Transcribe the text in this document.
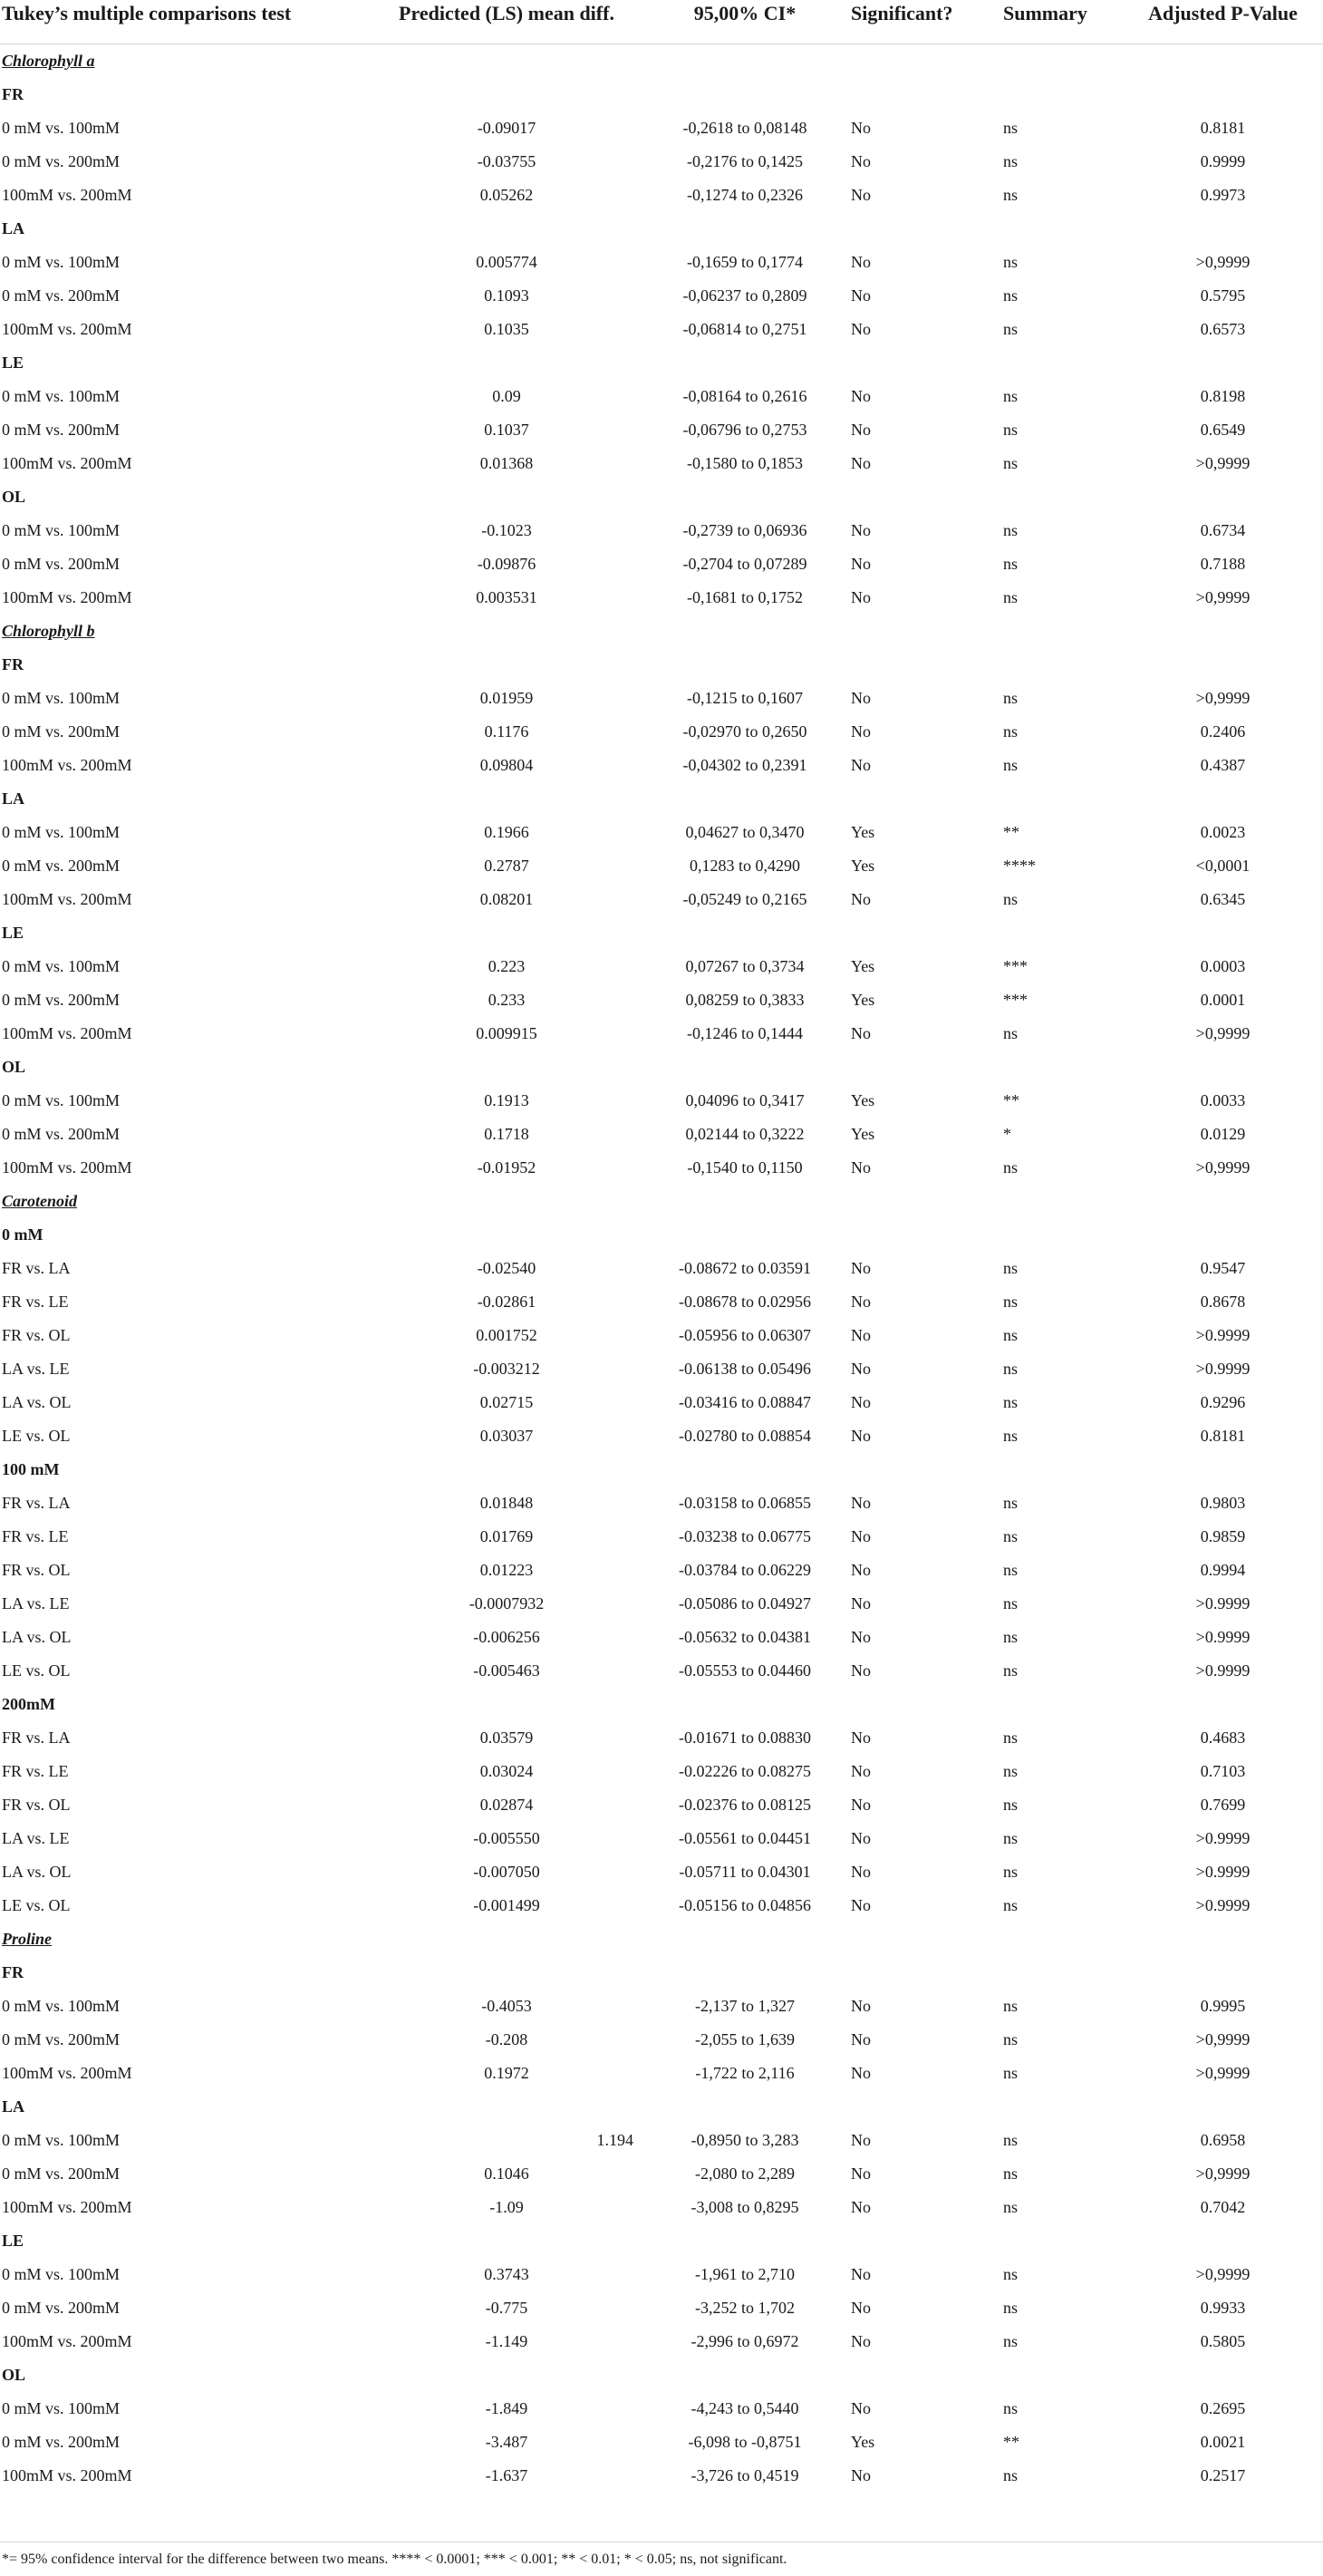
Tukey’s multiple comparisons test	Predicted (LS) mean diff.	95,00% CI*	Significant?	Summary	Adjusted P-Value
Chlorophyll a					
FR					
0 mM vs. 100mM	-0.09017	-0,2618 to 0,08148	No	ns	0.8181
0 mM vs. 200mM	-0.03755	-0,2176 to 0,1425	No	ns	0.9999
100mM vs. 200mM	0.05262	-0,1274 to 0,2326	No	ns	0.9973
LA					
0 mM vs. 100mM	0.005774	-0,1659 to 0,1774	No	ns	>0,9999
0 mM vs. 200mM	0.1093	-0,06237 to 0,2809	No	ns	0.5795
100mM vs. 200mM	0.1035	-0,06814 to 0,2751	No	ns	0.6573
LE					
0 mM vs. 100mM	0.09	-0,08164 to 0,2616	No	ns	0.8198
0 mM vs. 200mM	0.1037	-0,06796 to 0,2753	No	ns	0.6549
100mM vs. 200mM	0.01368	-0,1580 to 0,1853	No	ns	>0,9999
OL					
0 mM vs. 100mM	-0.1023	-0,2739 to 0,06936	No	ns	0.6734
0 mM vs. 200mM	-0.09876	-0,2704 to 0,07289	No	ns	0.7188
100mM vs. 200mM	0.003531	-0,1681 to 0,1752	No	ns	>0,9999
Chlorophyll b					
FR					
0 mM vs. 100mM	0.01959	-0,1215 to 0,1607	No	ns	>0,9999
0 mM vs. 200mM	0.1176	-0,02970 to 0,2650	No	ns	0.2406
100mM vs. 200mM	0.09804	-0,04302 to 0,2391	No	ns	0.4387
LA					
0 mM vs. 100mM	0.1966	0,04627 to 0,3470	Yes	**	0.0023
0 mM vs. 200mM	0.2787	0,1283 to 0,4290	Yes	****	<0,0001
100mM vs. 200mM	0.08201	-0,05249 to 0,2165	No	ns	0.6345
LE					
0 mM vs. 100mM	0.223	0,07267 to 0,3734	Yes	***	0.0003
0 mM vs. 200mM	0.233	0,08259 to 0,3833	Yes	***	0.0001
100mM vs. 200mM	0.009915	-0,1246 to 0,1444	No	ns	>0,9999
OL					
0 mM vs. 100mM	0.1913	0,04096 to 0,3417	Yes	**	0.0033
0 mM vs. 200mM	0.1718	0,02144 to 0,3222	Yes	*	0.0129
100mM vs. 200mM	-0.01952	-0,1540 to 0,1150	No	ns	>0,9999
Carotenoid					
0 mM					
FR vs. LA	-0.02540	-0.08672 to 0.03591	No	ns	0.9547
FR vs. LE	-0.02861	-0.08678 to 0.02956	No	ns	0.8678
FR vs. OL	0.001752	-0.05956 to 0.06307	No	ns	>0.9999
LA vs. LE	-0.003212	-0.06138 to 0.05496	No	ns	>0.9999
LA vs. OL	0.02715	-0.03416 to 0.08847	No	ns	0.9296
LE vs. OL	0.03037	-0.02780 to 0.08854	No	ns	0.8181
100 mM					
FR vs. LA	0.01848	-0.03158 to 0.06855	No	ns	0.9803
FR vs. LE	0.01769	-0.03238 to 0.06775	No	ns	0.9859
FR vs. OL	0.01223	-0.03784 to 0.06229	No	ns	0.9994
LA vs. LE	-0.0007932	-0.05086 to 0.04927	No	ns	>0.9999
LA vs. OL	-0.006256	-0.05632 to 0.04381	No	ns	>0.9999
LE vs. OL	-0.005463	-0.05553 to 0.04460	No	ns	>0.9999
200mM					
FR vs. LA	0.03579	-0.01671 to 0.08830	No	ns	0.4683
FR vs. LE	0.03024	-0.02226 to 0.08275	No	ns	0.7103
FR vs. OL	0.02874	-0.02376 to 0.08125	No	ns	0.7699
LA vs. LE	-0.005550	-0.05561 to 0.04451	No	ns	>0.9999
LA vs. OL	-0.007050	-0.05711 to 0.04301	No	ns	>0.9999
LE vs. OL	-0.001499	-0.05156 to 0.04856	No	ns	>0.9999
Proline					
FR					
0 mM vs. 100mM	-0.4053	-2,137 to 1,327	No	ns	0.9995
0 mM vs. 200mM	-0.208	-2,055 to 1,639	No	ns	>0,9999
100mM vs. 200mM	0.1972	-1,722 to 2,116	No	ns	>0,9999
LA					
0 mM vs. 100mM	1.194	-0,8950 to 3,283	No	ns	0.6958
0 mM vs. 200mM	0.1046	-2,080 to 2,289	No	ns	>0,9999
100mM vs. 200mM	-1.09	-3,008 to 0,8295	No	ns	0.7042
LE					
0 mM vs. 100mM	0.3743	-1,961 to 2,710	No	ns	>0,9999
0 mM vs. 200mM	-0.775	-3,252 to 1,702	No	ns	0.9933
100mM vs. 200mM	-1.149	-2,996 to 0,6972	No	ns	0.5805
OL					
0 mM vs. 100mM	-1.849	-4,243 to 0,5440	No	ns	0.2695
0 mM vs. 200mM	-3.487	-6,098 to -0,8751	Yes	**	0.0021
100mM vs. 200mM	-1.637	-3,726 to 0,4519	No	ns	0.2517
*= 95% confidence interval for the difference between two means. **** < 0.0001; *** < 0.001; ** < 0.01; * < 0.05; ns, not significant.
